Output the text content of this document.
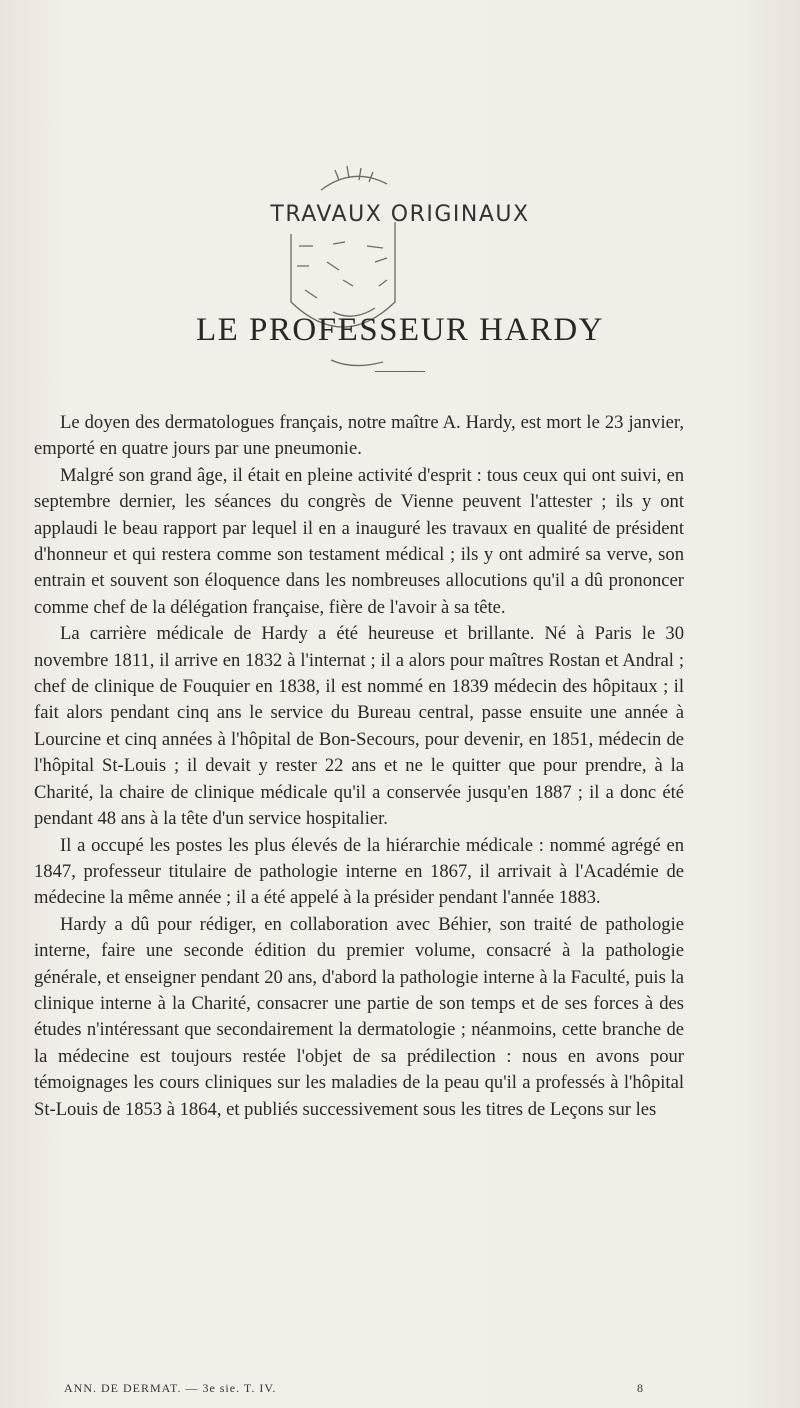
TRAVAUX ORIGINAUX
LE PROFESSEUR HARDY

Le doyen des dermatologues français, notre maître A. Hardy, est mort le 23 janvier, emporté en quatre jours par une pneumonie.

Malgré son grand âge, il était en pleine activité d'esprit : tous ceux qui ont suivi, en septembre dernier, les séances du congrès de Vienne peuvent l'attester ; ils y ont applaudi le beau rapport par lequel il en a inauguré les travaux en qualité de président d'honneur et qui restera comme son testament médical ; ils y ont admiré sa verve, son entrain et souvent son éloquence dans les nombreuses allocutions qu'il a dû prononcer comme chef de la délégation française, fière de l'avoir à sa tête.

La carrière médicale de Hardy a été heureuse et brillante. Né à Paris le 30 novembre 1811, il arrive en 1832 à l'internat ; il a alors pour maîtres Rostan et Andral ; chef de clinique de Fouquier en 1838, il est nommé en 1839 médecin des hôpitaux ; il fait alors pendant cinq ans le service du Bureau central, passe ensuite une année à Lourcine et cinq années à l'hôpital de Bon-Secours, pour devenir, en 1851, médecin de l'hôpital St-Louis ; il devait y rester 22 ans et ne le quitter que pour prendre, à la Charité, la chaire de clinique médicale qu'il a conservée jusqu'en 1887 ; il a donc été pendant 48 ans à la tête d'un service hospitalier.

Il a occupé les postes les plus élevés de la hiérarchie médicale : nommé agrégé en 1847, professeur titulaire de pathologie interne en 1867, il arrivait à l'Académie de médecine la même année ; il a été appelé à la présider pendant l'année 1883.

Hardy a dû pour rédiger, en collaboration avec Béhier, son traité de pathologie interne, faire une seconde édition du premier volume, consacré à la pathologie générale, et enseigner pendant 20 ans, d'abord la pathologie interne à la Faculté, puis la clinique interne à la Charité, consacrer une partie de son temps et de ses forces à des études n'intéressant que secondairement la dermatologie ; néanmoins, cette branche de la médecine est toujours restée l'objet de sa prédilection : nous en avons pour témoignages les cours cliniques sur les maladies de la peau qu'il a professés à l'hôpital St-Louis de 1853 à 1864, et publiés successivement sous les titres de Leçons sur les

ANN. DE DERMAT. — 3e sie. T. IV.	8
